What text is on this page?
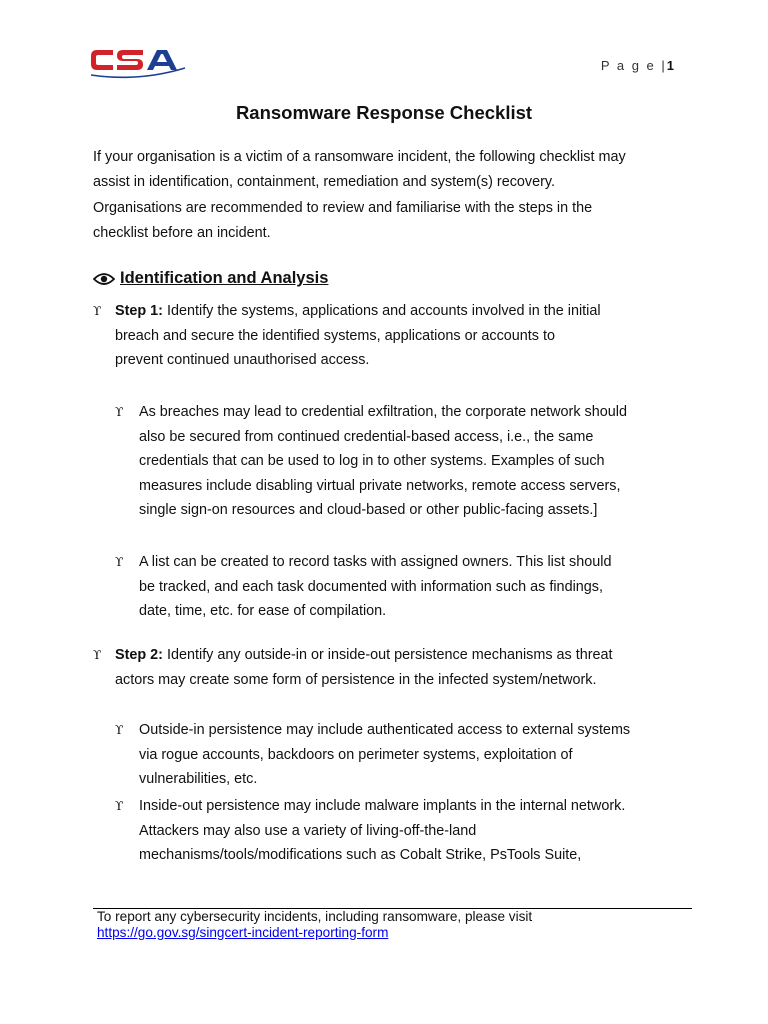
P a g e |1
Ransomware Response Checklist

If your organisation is a victim of a ransomware incident, the following checklist may

assist in identification, containment, remediation and system(s) recovery.

Organisations are recommended to review and familiarise with the steps in the

checklist before an incident.

Identification and Analysis
ϒ Step 1: Identify the systems, applications and accounts involved in the initial
breach and secure the identified systems, applications or accounts to
prevent continued unauthorised access.
ϒ	As breaches may lead to credential exfiltration, the corporate network should
also be secured from continued credential-based access, i.e., the same
credentials that can be used to log in to other systems. Examples of such
measures include disabling virtual private networks, remote access servers,
single sign-on resources and cloud-based or other public-facing assets.]
ϒ	A list can be created to record tasks with assigned owners. This list should
be tracked, and each task documented with information such as findings,
date, time, etc. for ease of compilation.
ϒ Step 2: Identify any outside-in or inside-out persistence mechanisms as threat
actors may create some form of persistence in the infected system/network.
ϒ	Outside-in persistence may include authenticated access to external systems
via rogue accounts, backdoors on perimeter systems, exploitation of
vulnerabilities, etc.
ϒ	Inside-out persistence may include malware implants in the internal network.
Attackers may also use a variety of living-off-the-land
mechanisms/tools/modifications such as Cobalt Strike, PsTools Suite,
To report any cybersecurity incidents, including ransomware, please visit
https://go.gov.sg/singcert-incident-reporting-form
